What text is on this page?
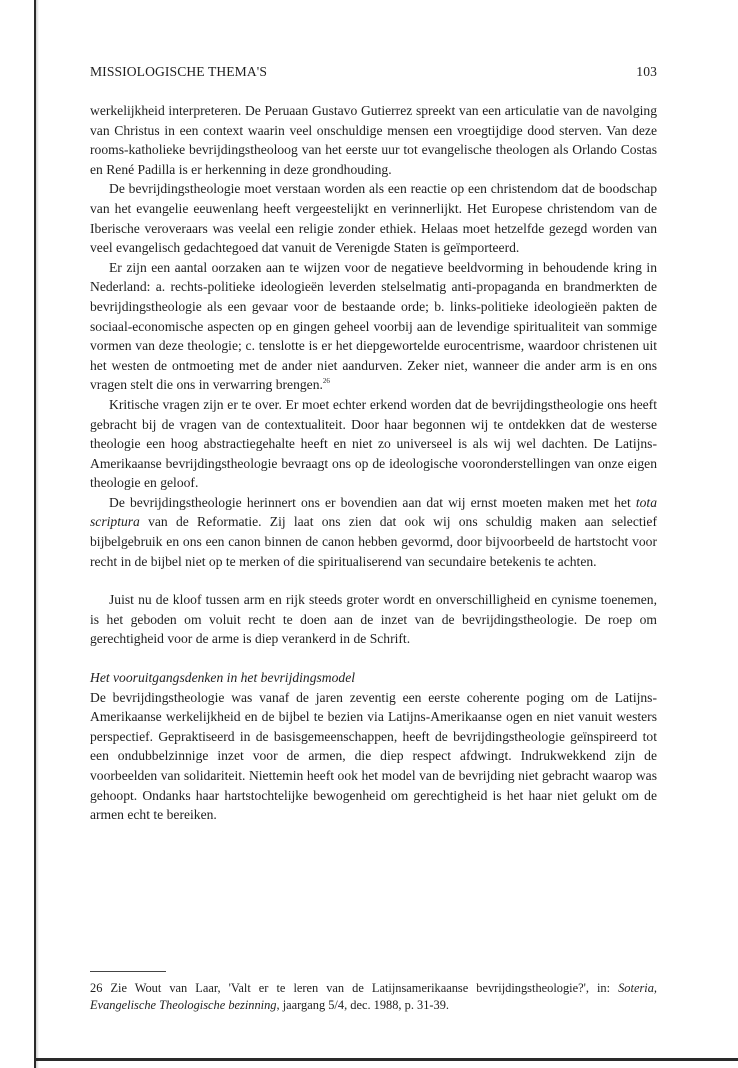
MISSIOLOGISCHE THEMA'S	103

werkelijkheid interpreteren. De Peruaan Gustavo Gutierrez spreekt van een articulatie van de navolging van Christus in een context waarin veel onschuldige mensen een vroegtijdige dood sterven. Van deze rooms-katholieke bevrijdingstheoloog van het eerste uur tot evangelische theologen als Orlando Costas en René Padilla is er herkenning in deze grondhouding.

De bevrijdingstheologie moet verstaan worden als een reactie op een christendom dat de boodschap van het evangelie eeuwenlang heeft vergeestelijkt en verinnerlijkt. Het Europese christendom van de Iberische veroveraars was veelal een religie zonder ethiek. Helaas moet hetzelfde gezegd worden van veel evangelisch gedachtegoed dat vanuit de Verenigde Staten is geïmporteerd.

Er zijn een aantal oorzaken aan te wijzen voor de negatieve beeldvorming in behoudende kring in Nederland: a. rechts-politieke ideologieën leverden stelselmatig anti-propaganda en brandmerkten de bevrijdingstheologie als een gevaar voor de bestaande orde; b. links-politieke ideologieën pakten de sociaal-economische aspecten op en gingen geheel voorbij aan de levendige spiritualiteit van sommige vormen van deze theologie; c. tenslotte is er het diepgewortelde eurocentrisme, waardoor christenen uit het westen de ontmoeting met de ander niet aandurven. Zeker niet, wanneer die ander arm is en ons vragen stelt die ons in verwarring brengen.$^{26}$

Kritische vragen zijn er te over. Er moet echter erkend worden dat de bevrijdingstheologie ons heeft gebracht bij de vragen van de contextualiteit. Door haar begonnen wij te ontdekken dat de westerse theologie een hoog abstractiegehalte heeft en niet zo universeel is als wij wel dachten. De Latijns-Amerikaanse bevrijdingstheologie bevraagt ons op de ideologische vooronderstellingen van onze eigen theologie en geloof.

De bevrijdingstheologie herinnert ons er bovendien aan dat wij ernst moeten maken met het tota scriptura van de Reformatie. Zij laat ons zien dat ook wij ons schuldig maken aan selectief bijbelgebruik en ons een canon binnen de canon hebben gevormd, door bijvoorbeeld de hartstocht voor recht in de bijbel niet op te merken of die spiritualiserend van secundaire betekenis te achten.

Juist nu de kloof tussen arm en rijk steeds groter wordt en onverschilligheid en cynisme toenemen, is het geboden om voluit recht te doen aan de inzet van de bevrijdingstheologie. De roep om gerechtigheid voor de arme is diep verankerd in de Schrift.

Het vooruitgangsdenken in het bevrijdingsmodel

De bevrijdingstheologie was vanaf de jaren zeventig een eerste coherente poging om de Latijns-Amerikaanse werkelijkheid en de bijbel te bezien via Latijns-Amerikaanse ogen en niet vanuit westers perspectief. Gepraktiseerd in de basisgemeenschappen, heeft de bevrijdingstheologie geïnspireerd tot een ondubbelzinnige inzet voor de armen, die diep respect afdwingt. Indrukwekkend zijn de voorbeelden van solidariteit. Niettemin heeft ook het model van de bevrijding niet gebracht waarop was gehoopt. Ondanks haar hartstochtelijke bewogenheid om gerechtigheid is het haar niet gelukt om de armen echt te bereiken.

26 Zie Wout van Laar, 'Valt er te leren van de Latijnsamerikaanse bevrijdingstheologie?', in: Soteria, Evangelische Theologische bezinning, jaargang 5/4, dec. 1988, p. 31-39.
